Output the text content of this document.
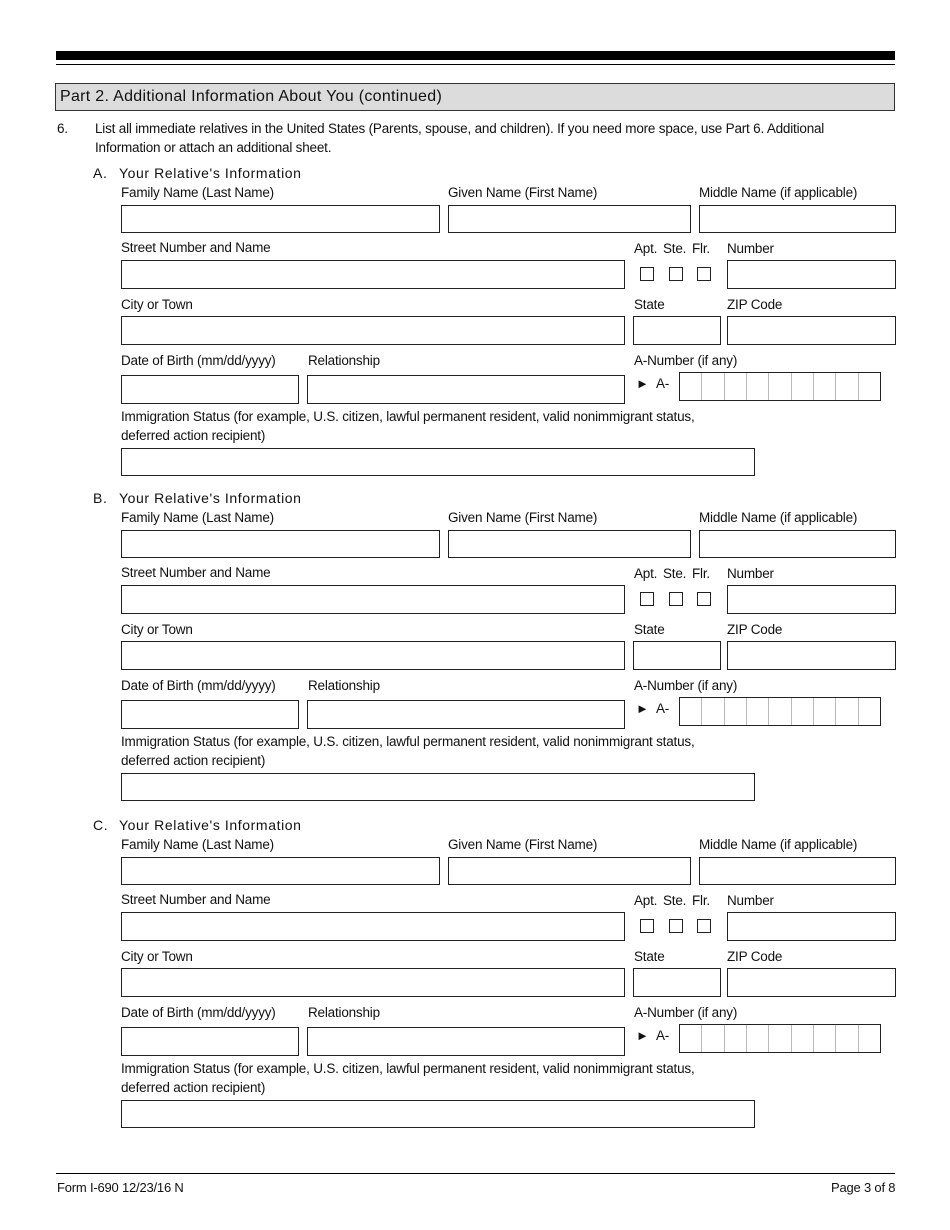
Part 2. Additional Information About You (continued)
6. List all immediate relatives in the United States (Parents, spouse, and children). If you need more space, use Part 6. Additional
Information or attach an additional sheet.
A. Your Relative's Information
Family Name (Last Name)	Given Name (First Name)	Middle Name (if applicable)
Street Number and Name	Apt. Ste. Flr. Number
City or Town	State	ZIP Code
Date of Birth (mm/dd/yyyy) Relationship	A-Number (if any)
► A-
Immigration Status (for example, U.S. citizen, lawful permanent resident, valid nonimmigrant status,
deferred action recipient)
B. Your Relative's Information
Family Name (Last Name)	Given Name (First Name)	Middle Name (if applicable)
Street Number and Name	Apt. Ste. Flr. Number
City or Town	State	ZIP Code
Date of Birth (mm/dd/yyyy) Relationship	A-Number (if any)
► A-
Immigration Status (for example, U.S. citizen, lawful permanent resident, valid nonimmigrant status,
deferred action recipient)
C. Your Relative's Information
Family Name (Last Name)	Given Name (First Name)	Middle Name (if applicable)
Street Number and Name	Apt. Ste. Flr. Number
City or Town	State	ZIP Code
Date of Birth (mm/dd/yyyy) Relationship	A-Number (if any)
► A-
Immigration Status (for example, U.S. citizen, lawful permanent resident, valid nonimmigrant status,
deferred action recipient)
Form I-690 12/23/16 N	Page 3 of 8
